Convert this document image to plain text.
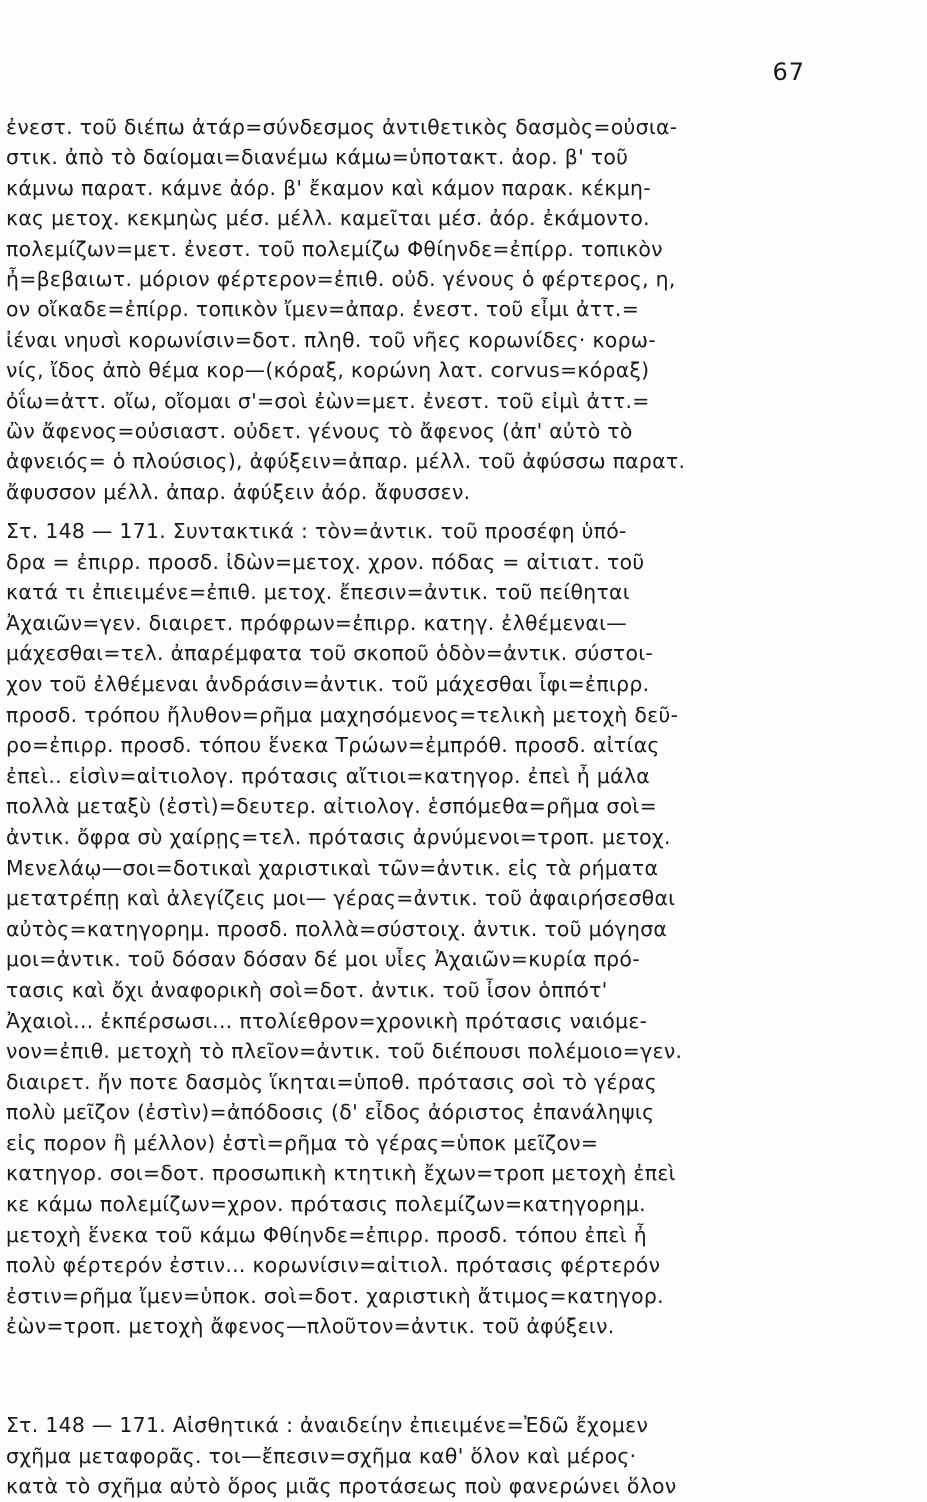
67
ἐνεστ. τοῦ διέπω ἀτάρ=σύνδεσμος ἀντιθετικὸς δασμὸς=οὐσια-
στικ. ἀπὸ τὸ δαίομαι=διανέμω κάμω=ὑποτακτ. ἀορ. β' τοῦ
κάμνω παρατ. κάμνε ἀόρ. β' ἔκαμον καὶ κάμον παρακ. κέκμη-
κας μετοχ. κεκμηὼς μέσ. μέλλ. καμεῖται μέσ. ἀόρ. ἐκάμοντο.
πολεμίζων=μετ. ἐνεστ. τοῦ πολεμίζω Φθίηνδε=ἐπίρρ. τοπικὸν
ἦ=βεβαιωτ. μόριον φέρτερον=ἐπιθ. οὐδ. γένους ὁ φέρτερος, η,
ον οἴκαδε=ἐπίρρ. τοπικὸν ἴμεν=ἀπαρ. ἐνεστ. τοῦ εἶμι ἀττ.=
ἰέναι νηυσὶ κορωνίσιν=δοτ. πληθ. τοῦ νῆες κορωνίδες· κορω-
νίς, ἴδος ἀπὸ θέμα κορ—(κόραξ, κορώνη λατ. corvus=κόραξ)
ὀΐω=ἀττ. οἴω, οἴομαι σ'=σοὶ ἐὼν=μετ. ἐνεστ. τοῦ εἰμὶ ἀττ.=
ὢν ἄφενος=οὐσιαστ. οὐδετ. γένους τὸ ἄφενος (ἀπ' αὐτὸ τὸ
ἀφνειός= ὁ πλούσιος), ἀφύξειν=ἀπαρ. μέλλ. τοῦ ἀφύσσω παρατ.
ἄφυσσον μέλλ. ἀπαρ. ἀφύξειν ἀόρ. ἄφυσσεν.
Στ. 148 — 171. Συντακτικά : τὸν=ἀντικ. τοῦ προσέφη ὑπό-
δρα = ἐπιρρ. προσδ. ἰδὼν=μετοχ. χρον. πόδας = αἰτιατ. τοῦ
κατά τι ἐπιειμένε=ἐπιθ. μετοχ. ἔπεσιν=ἀντικ. τοῦ πείθηται
Ἀχαιῶν=γεν. διαιρετ. πρόφρων=ἐπιρρ. κατηγ. ἐλθέμεναι—
μάχεσθαι=τελ. ἀπαρέμφατα τοῦ σκοποῦ ὁδὸν=ἀντικ. σύστοι-
χον τοῦ ἐλθέμεναι ἀνδράσιν=ἀντικ. τοῦ μάχεσθαι ἶφι=ἐπιρρ.
προσδ. τρόπου ἤλυθον=ρῆμα μαχησόμενος=τελικὴ μετοχὴ δεῦ-
ρο=ἐπιρρ. προσδ. τόπου ἕνεκα Τρώων=ἐμπρόθ. προσδ. αἰτίας
ἐπεὶ.. εἰσὶν=αἰτιολογ. πρότασις αἴτιοι=κατηγορ. ἐπεὶ ἦ μάλα
πολλὰ μεταξὺ (ἐστὶ)=δευτερ. αἰτιολογ. ἑσπόμεθα=ρῆμα σοὶ=
ἀντικ. ὄφρα σὺ χαίρῃς=τελ. πρότασις ἀρνύμενοι=τροπ. μετοχ.
Μενελάῳ—σοι=δοτικαὶ χαριστικαὶ τῶν=ἀντικ. εἰς τὰ ρήματα
μετατρέπῃ καὶ ἀλεγίζεις μοι— γέρας=ἀντικ. τοῦ ἀφαιρήσεσθαι
αὐτὸς=κατηγορημ. προσδ. πολλὰ=σύστοιχ. ἀντικ. τοῦ μόγησα
μοι=ἀντικ. τοῦ δόσαν δόσαν δέ μοι υἷες Ἀχαιῶν=κυρία πρό-
τασις καὶ ὄχι ἀναφορικὴ σοὶ=δοτ. ἀντικ. τοῦ ἶσον ὁππότ'
Ἀχαιοὶ... ἐκπέρσωσι... πτολίεθρον=χρονικὴ πρότασις ναιόμε-
νον=ἐπιθ. μετοχὴ τὸ πλεῖον=ἀντικ. τοῦ διέπουσι πολέμοιο=γεν.
διαιρετ. ἤν ποτε δασμὸς ἵκηται=ὑποθ. πρότασις σοὶ τὸ γέρας
πολὺ μεῖζον (ἐστὶν)=ἀπόδοσις (δ' εἶδος ἀόριστος ἐπανάληψις
εἰς πορον ἢ μέλλον) ἐστὶ=ρῆμα τὸ γέρας=ὑποκ μεῖζον=
κατηγορ. σοι=δοτ. προσωπικὴ κτητικὴ ἔχων=τροπ μετοχὴ ἐπεὶ
κε κάμω πολεμίζων=χρον. πρότασις πολεμίζων=κατηγορημ.
μετοχὴ ἕνεκα τοῦ κάμω Φθίηνδε=ἐπιρρ. προσδ. τόπου ἐπεὶ ἦ
πολὺ φέρτερόν ἐστιν... κορωνίσιν=αἰτιολ. πρότασις φέρτερόν
ἐστιν=ρῆμα ἴμεν=ὑποκ. σοὶ=δοτ. χαριστικὴ ἄτιμος=κατηγορ.
ἐὼν=τροπ. μετοχὴ ἄφενος—πλοῦτον=ἀντικ. τοῦ ἀφύξειν.
Στ. 148 — 171. Αἰσθητικά : ἀναιδείην ἐπιειμένε=Ἐδῶ ἔχομεν
σχῆμα μεταφορᾶς. τοι—ἔπεσιν=σχῆμα καθ' ὅλον καὶ μέρος·
κατὰ τὸ σχῆμα αὐτὸ ὅρος μιᾶς προτάσεως ποὺ φανερώνει ὅλον
